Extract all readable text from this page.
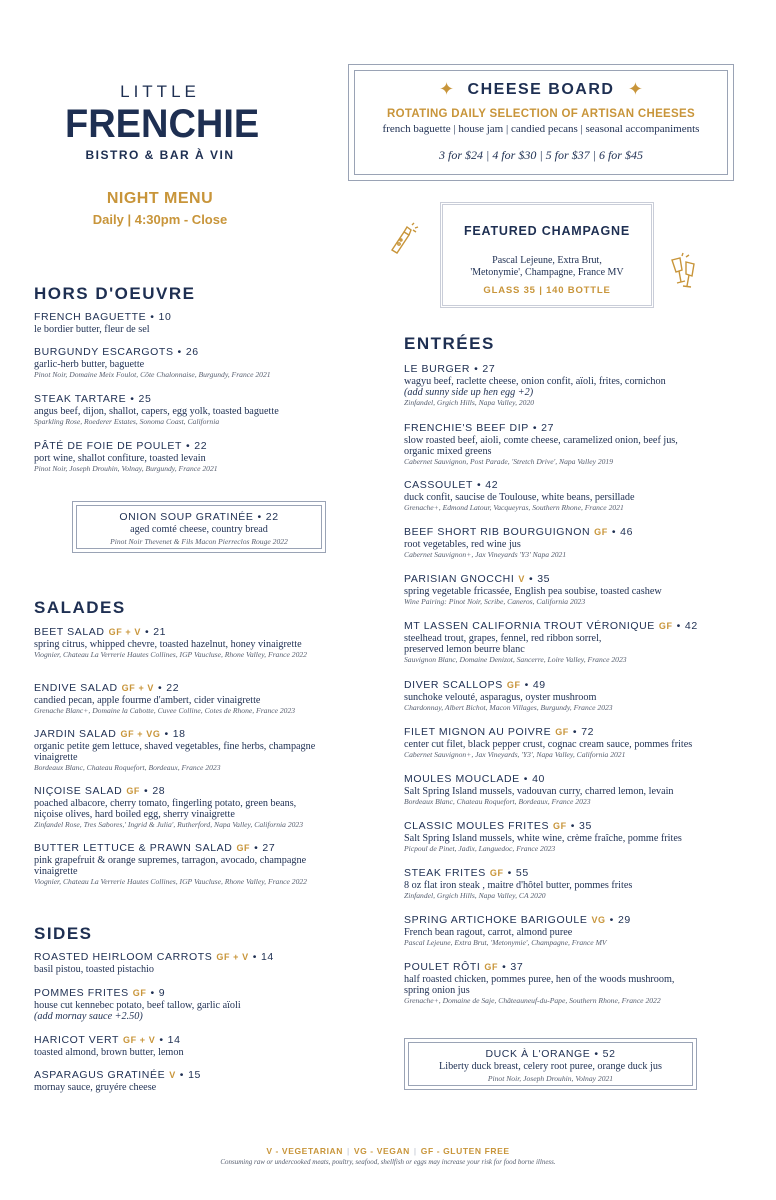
LITTLE
FRENCHIE
BISTRO & BAR À VIN
NIGHT MENU
Daily | 4:30pm - Close
✦	✦
CHEESE BOARD
ROTATING DAILY SELECTION OF ARTISAN CHEESES
french baguette | house jam | candied pecans | seasonal accompaniments
3 for $24 | 4 for $30 | 5 for $37 | 6 for $45
FEATURED CHAMPAGNE
Pascal Lejeune, Extra Brut,
'Metonymie', Champagne, France MV
GLASS 35 | 140 BOTTLE
HORS D'OEUVRE
SALADES
SIDES
ENTRÉES
FRENCH BAGUETTE • 10
le bordier butter, fleur de sel
BURGUNDY ESCARGOTS • 26
garlic-herb butter, baguette
Pinot Noir, Domaine Meix Foulot, Côte Chalonnaise, Burgundy, France 2021
STEAK TARTARE • 25
angus beef, dijon, shallot, capers, egg yolk, toasted baguette
Sparkling Rose, Roederer Estates, Sonoma Coast, California
PÂTÉ DE FOIE DE POULET • 22
port wine, shallot confiture, toasted levain
Pinot Noir, Joseph Drouhin, Volnay, Burgundy, France 2021
BEET SALAD GF + V • 21
spring citrus, whipped chevre, toasted hazelnut, honey vinaigrette
Viognier, Chateau La Verrerie Hautes Collines, IGP Vaucluse, Rhone Valley, France 2022
ENDIVE SALAD GF + V • 22
candied pecan, apple fourme d'ambert, cider vinaigrette
Grenache Blanc+, Domaine la Cabotte, Cuvee Colline, Cotes de Rhone, France 2023
JARDIN SALAD GF + VG • 18
organic petite gem lettuce, shaved vegetables, fine herbs, champagne
vinaigrette
Bordeaux Blanc, Chateau Roquefort, Bordeaux, France 2023
NIÇOISE SALAD GF • 28
poached albacore, cherry tomato, fingerling potato, green beans,
niçoise olives, hard boiled egg, sherry vinaigrette
Zinfandel Rose, Tres Sabores,' Ingrid & Julia', Rutherford, Napa Valley, California 2023
BUTTER LETTUCE & PRAWN SALAD GF • 27
pink grapefruit & orange supremes, tarragon, avocado, champagne
vinaigrette
Viognier, Chateau La Verrerie Hautes Collines, IGP Vaucluse, Rhone Valley, France 2022
ROASTED HEIRLOOM CARROTS GF + V • 14
basil pistou, toasted pistachio
POMMES FRITES GF • 9
house cut kennebec potato, beef tallow, garlic aïoli
(add mornay sauce +2.50)
HARICOT VERT GF + V • 14
toasted almond, brown butter, lemon
ASPARAGUS GRATINÉE V • 15
mornay sauce, gruyére cheese
LE BURGER • 27
wagyu beef, raclette cheese, onion confit, aïoli, frites, cornichon
(add sunny side up hen egg +2)
Zinfandel, Grgich Hills, Napa Valley, 2020
FRENCHIE'S BEEF DIP • 27
slow roasted beef, aioli, comte cheese, caramelized onion, beef jus,
organic mixed greens
Cabernet Sauvignon, Post Parade, 'Stretch Drive', Napa Valley 2019
CASSOULET • 42
duck confit, saucise de Toulouse, white beans, persillade
Grenache+, Edmond Latour, Vacqueyras, Southern Rhone, France 2021
BEEF SHORT RIB BOURGUIGNON GF • 46
root vegetables, red wine jus
Cabernet Sauvignon+, Jax Vineyards 'Y3' Napa 2021
PARISIAN GNOCCHI V • 35
spring vegetable fricassée, English pea soubise, toasted cashew
Wine Pairing: Pinot Noir, Scribe, Caneros, California 2023
MT LASSEN CALIFORNIA TROUT VÉRONIQUE GF • 42
steelhead trout, grapes, fennel, red ribbon sorrel,
preserved lemon beurre blanc
Sauvignon Blanc, Domaine Denizot, Sancerre, Loire Valley, France 2023
DIVER SCALLOPS GF • 49
sunchoke velouté, asparagus, oyster mushroom
Chardonnay, Albert Bichot, Macon Villages, Burgundy, France 2023
FILET MIGNON AU POIVRE GF • 72
center cut filet, black pepper crust, cognac cream sauce, pommes frites
Cabernet Sauvignon+, Jax Vineyards, 'Y3', Napa Valley, California 2021
MOULES MOUCLADE • 40
Salt Spring Island mussels, vadouvan curry, charred lemon, levain
Bordeaux Blanc, Chateau Roquefort, Bordeaux, France 2023
CLASSIC MOULES FRITES GF • 35
Salt Spring Island mussels, white wine, crème fraîche, pomme frites
Picpoul de Pinet, Jadix, Languedoc, France 2023
STEAK FRITES GF • 55
8 oz flat iron steak , maitre d'hôtel butter, pommes frites
Zinfandel, Grgich Hills, Napa Valley, CA 2020
SPRING ARTICHOKE BARIGOULE VG • 29
French bean ragout, carrot, almond puree
Pascal Lejeune, Extra Brut, 'Metonymie', Champagne, France MV
POULET RÔTI GF • 37
half roasted chicken, pommes puree, hen of the woods mushroom,
spring onion jus
Grenache+, Domaine de Saje, Châteauneuf-du-Pape, Southern Rhone, France 2022
ONION SOUP GRATINÉE • 22
aged comté cheese, country bread
Pinot Noir Thevenet & Fils Macon Pierreclos Rouge 2022
DUCK À L'ORANGE • 52
Liberty duck breast, celery root puree, orange duck jus
Pinot Noir, Joseph Drouhin, Volnay 2021
V - VEGETARIAN | VG - VEGAN | GF - GLUTEN FREE
Consuming raw or undercooked meats, poultry, seafood, shellfish or eggs may increase your risk for food borne illness.
